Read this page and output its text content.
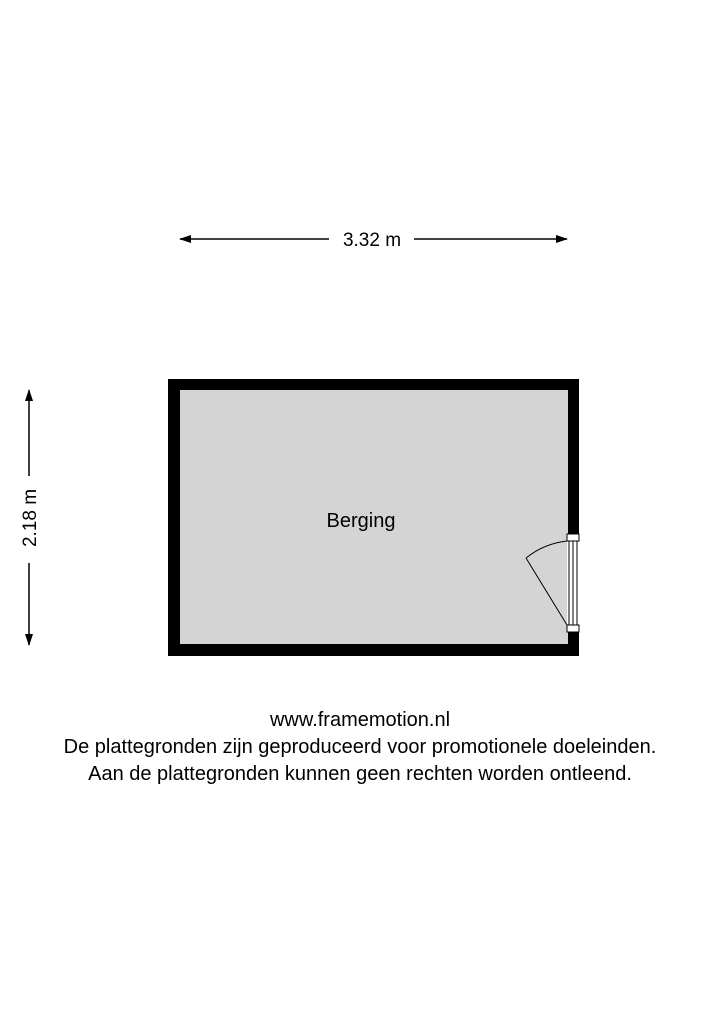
3.32 m
2.18 m	Berging
www.framemotion.nl
De plattegronden zijn geproduceerd voor promotionele doeleinden.
Aan de plattegronden kunnen geen rechten worden ontleend.
